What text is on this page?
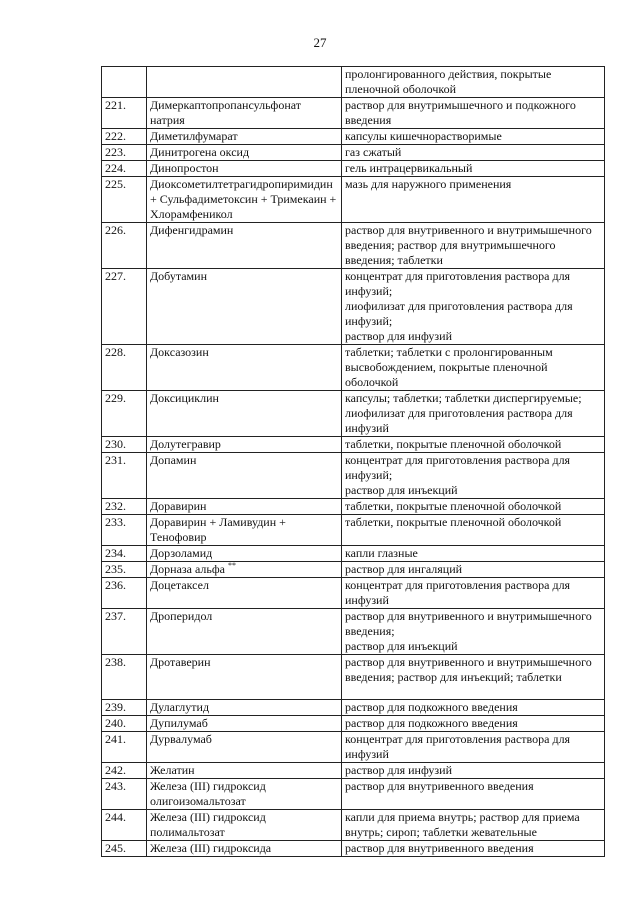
27
		пролонгированного действия, покрытые пленочной оболочкой
221.	Димеркаптопропансульфонат натрия	раствор для внутримышечного и подкожного введения
222.	Диметилфумарат	капсулы кишечнорастворимые
223.	Динитрогена оксид	газ сжатый
224.	Динопростон	гель интрацервикальный
225.	Диоксометилтетрагидропиримидин + Сульфадиметоксин + Тримекаин + Хлорамфеникол	мазь для наружного применения
226.	Дифенгидрамин	раствор для внутривенного и внутримышечного введения; раствор для внутримышечного введения; таблетки
227.	Добутамин	концентрат для приготовления раствора для инфузий;
лиофилизат для приготовления раствора для инфузий;
раствор для инфузий
228.	Доксазозин	таблетки; таблетки с пролонгированным высвобождением, покрытые пленочной оболочкой
229.	Доксициклин	капсулы; таблетки; таблетки диспергируемые; лиофилизат для приготовления раствора для инфузий
230.	Долутегравир	таблетки, покрытые пленочной оболочкой
231.	Допамин	концентрат для приготовления раствора для инфузий;
раствор для инъекций
232.	Доравирин	таблетки, покрытые пленочной оболочкой
233.	Доравирин + Ламивудин + Тенофовир	таблетки, покрытые пленочной оболочкой
234.	Дорзоламид	капли глазные
235.	Дорназа альфа **	раствор для ингаляций
236.	Доцетаксел	концентрат для приготовления раствора для инфузий
237.	Дроперидол	раствор для внутривенного и внутримышечного введения;
раствор для инъекций
238.	Дротаверин	раствор для внутривенного и внутримышечного введения; раствор для инъекций; таблетки
239.	Дулаглутид	раствор для подкожного введения
240.	Дупилумаб	раствор для подкожного введения
241.	Дурвалумаб	концентрат для приготовления раствора для инфузий
242.	Желатин	раствор для инфузий
243.	Железа (III) гидроксид олигоизомальтозат	раствор для внутривенного введения
244.	Железа (III) гидроксид полимальтозат	капли для приема внутрь; раствор для приема внутрь; сироп; таблетки жевательные
245.	Железа (III) гидроксида	раствор для внутривенного введения
